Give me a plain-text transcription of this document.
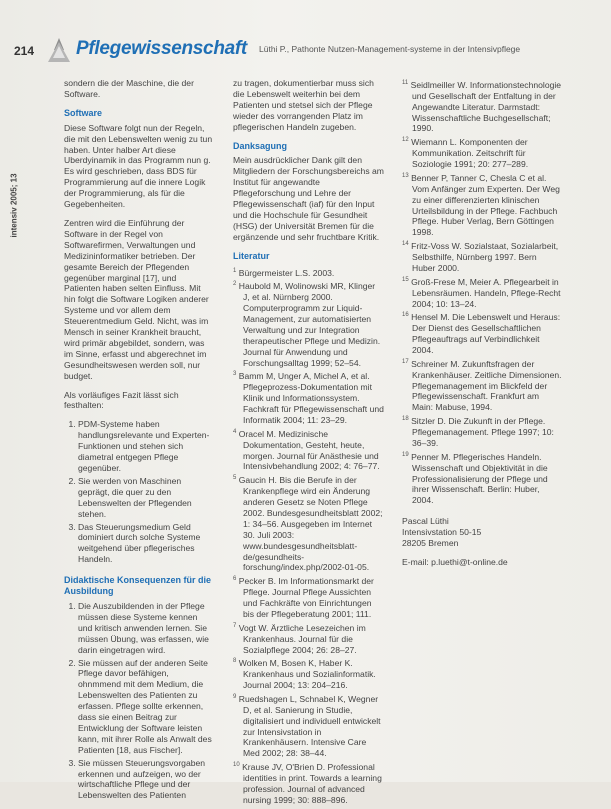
214 Pflegewissenschaft Lüthi P., Pathonte Nutzen-Management-systeme in der Intensivpflege
intensiv 2005; 13

sondern die der Maschine, die der Software.

Software

Diese Software folgt nun der Regeln, die mit den Lebenswelten wenig zu tun haben. Unter halber Art diese Uberdyinamik in das Programm nun g. Es wird geschrieben, dass BDS für Programmierung auf die innere Logik der Programmierung, als für die Gegebenheiten.

Zentren wird die Einführung der Software in der Regel von Softwarefirmen, Verwaltungen und Medizininformatiker betrieben. Der gesamte Bereich der Pflegenden gegenüber marginal [17], und Patienten haben selten Einfluss. Mit hin folgt die Software Logiken anderer Systeme und vor allem dem Steuerentmedium Geld. Nicht, was im Mensch in seiner Krankheit braucht, wird primär abgebildet, sondern, was im Sinne, erfasst und abgerechnet im Gesundheitswesen werden soll, nur budget.

Als vorläufiges Fazit lässt sich festhalten:

1. PDM-Systeme haben handlungsrelevante und Experten-Funktionen und stehen sich diametral entgegen Pflege gegenüber.
2. Sie werden von Maschinen geprägt, die quer zu den Lebenswelten der Pflegenden stehen.
3. Das Steuerungsmedium Geld dominiert durch solche Systeme weitgehend über pflegerisches Handeln.
Didaktische Konsequenzen für die Ausbildung
1. Die Auszubildenden in der Pflege müssen diese Systeme kennen und kritisch anwenden lernen. Sie müssen Übung, was erfassen, wie darin eingetragen wird.
2. Sie müssen auf der anderen Seite Pflege davor befähigen, ohnmmend mit dem Medium, die Lebenswelten des Patienten zu erfassen. Pflege sollte erkennen, dass sie einen Beitrag zur Entwicklung der Software leisten kann, mit ihrer Rolle als Anwalt des Patienten [18, aus Fischer].
3. Sie müssen Steuerungsvorgaben erkennen und aufzeigen, wo der wirtschaftliche Pflege und der Lebenswelten des Patienten

zu tragen, dokumentierbar muss sich die Lebenswelt weiterhin bei dem Patienten und stetsel sich der Pflege wieder des vorrangenden Platz im pflegerischen Handeln zugeben.

Danksagung

Mein ausdrücklicher Dank gilt den Mitgliedern der Forschungsbereichs am Institut für angewandte Pflegeforschung und Lehre der Pflegewissenschaft (iaf) für den Input und die Hochschule für Gesundheit (HSG) der Universität Bremen für die ergänzende und sehr fruchtbare Kritik.

Literatur
$^1$ Bürgermeister L.S. 2003.
$^2$ Haubold M, Wolinowski MR, Klinger J, et al. Nürnberg 2000. Computerprogramm zur Liquid-Management, zur automatisierten Verwaltung und zur Integration therapeutischer Pflege und Medizin. Journal für Anwendung und Forschungsalltag 1999; 52–54.
$^3$ Bamm M, Unger A, Michel A, et al. Pflegeprozess-Dokumentation mit Klinik und Informationssystem. Fachkraft für Pflegewissenschaft und Informatik 2004; 11: 23–29.
$^4$ Oracel M. Medizinische Dokumentation, Gesteht, heute, morgen. Journal für Anästhesie und Intensivbehandlung 2002; 4: 76–77.
$^5$ Gaucin H. Bis die Berufe in der Krankenpflege wird ein Änderung anderen Gesetz se Noten Pflege 2002. Bundesgesundheitsblatt 2002; 1: 34–56. Ausgegeben im Internet 30. Juli 2003: www.bundesgesundheitsblatt-de/gesundheits-forschung/index.php/2002-01-05.
$^6$ Pecker B. Im Informationsmarkt der Pflege. Journal Pflege Aussichten und Fachkräfte von Einrichtungen bis der Pflegeberatung 2001; 111.
$^7$ Vogt W. Ärztliche Lesezeichen im Krankenhaus. Journal für die Sozialpflege 2004; 26: 28–27.
$^8$ Wolken M, Bosen K, Haber K. Krankenhaus und Sozialinformatik. Journal 2004; 13: 204–216.
$^9$ Ruedshagen L, Schnabel K, Wegner D, et al. Sanierung in Studie, digitalisiert und individuell entwickelt zur Intensivstation in Krankenhäusern. Intensive Care Med 2002; 28: 38–44.
$^{10}$ Krause JV, O'Brien D. Professional identities in print. Towards a learning profession. Journal of advanced nursing 1999; 30: 888–896.
$^{11}$ Seidlmeiller W. Informationstechnologie und Gesellschaft der Entfaltung in der Angewandte Literatur. Darmstadt: Wissenschaftliche Buchgesellschaft; 1990.
$^{12}$ Wiemann L. Komponenten der Kommunikation. Zeitschrift für Soziologie 1991; 20: 277–289.
$^{13}$ Benner P, Tanner C, Chesla C et al. Vom Anfänger zum Experten. Der Weg zu einer differenzierten klinischen Urteilsbildung in der Pflege. Fachbuch Pflege. Huber Verlag, Bern Göttingen 1998.
$^{14}$ Fritz-Voss W. Sozialstaat, Sozialarbeit, Selbsthilfe, Nürnberg 1997. Bern Huber 2000.
$^{15}$ Groß-Frese M, Meier A. Pflegearbeit in Lebensräumen. Handeln, Pflege-Recht 2004; 10: 13–24.
$^{16}$ Hensel M. Die Lebenswelt und Heraus: Der Dienst des Gesellschaftlichen Pflegeauftrags auf Verbindlichkeit 2004.
$^{17}$ Schreiner M. Zukunftsfragen der Krankenhäuser. Zeitliche Dimensionen. Pflegemanagement im Blickfeld der Pflegewissenschaft. Frankfurt am Main: Mabuse, 1994.
$^{18}$ Sitzler D. Die Zukunft in der Pflege. Pflegemanagement. Pflege 1997; 10: 36–39.
$^{19}$ Penner M. Pflegerisches Handeln. Wissenschaft und Objektivität in die Professionalisierung der Pflege und ihrer Wissenschaft. Berlin: Huber, 2004.
Pascal Lüthi
Intensivstation 50-15
28205 Bremen
E-mail: p.luethi@t-online.de
